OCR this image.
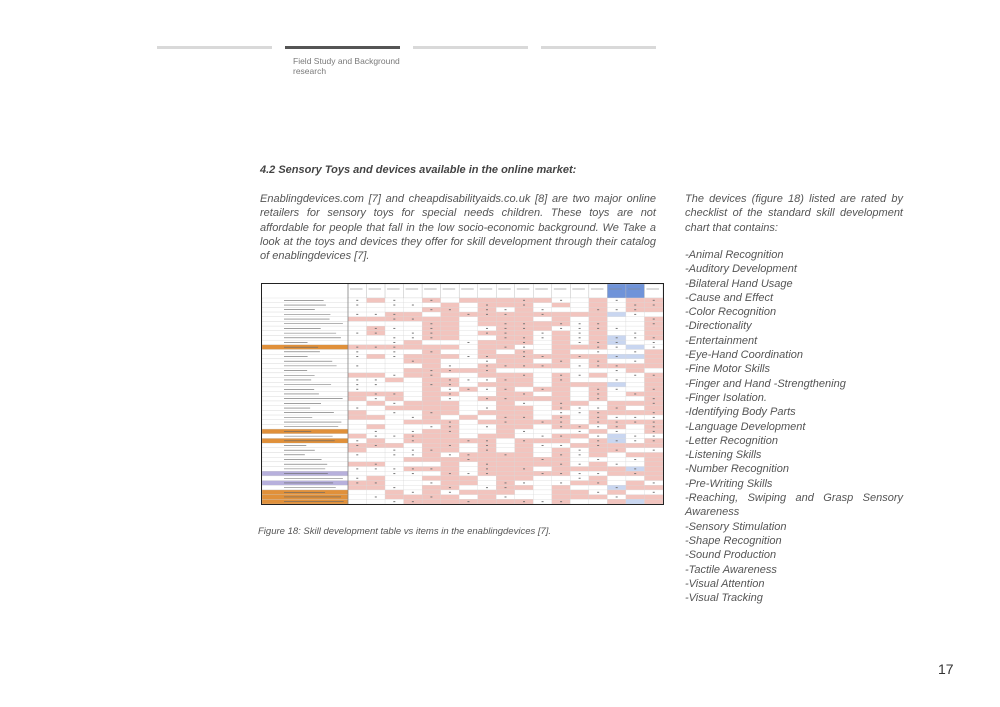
Field Study and Background research
4.2 Sensory Toys and devices available in the online market:
Enablingdevices.com [7] and cheapdisabilityaids.co.uk [8] are two major online retailers for sensory toys for special needs children. These toys are not affordable for people that fall in the low socio-economic background. We Take a look at the toys and devices they offer for skill development through their catalog of enablingdevices [7].
Figure 18: Skill development table vs items in the enablingdevices [7].
The devices (figure 18) listed are rated by checklist of the standard skill development chart that contains:
-Animal Recognition
-Auditory Development
-Bilateral Hand Usage
-Cause and Effect
-Color Recognition
-Directionality
-Entertainment
-Eye-Hand Coordination
-Fine Motor Skills
-Finger and Hand -Strengthening
-Finger Isolation.
-Identifying Body Parts
-Language Development
-Letter Recognition
-Listening Skills
-Number Recognition
-Pre-Writing Skills
-Reaching, Swiping and Grasp Sensory Awareness
-Sensory Stimulation
-Shape Recognition
-Sound Production
-Tactile Awareness
-Visual Attention
-Visual Tracking
17
